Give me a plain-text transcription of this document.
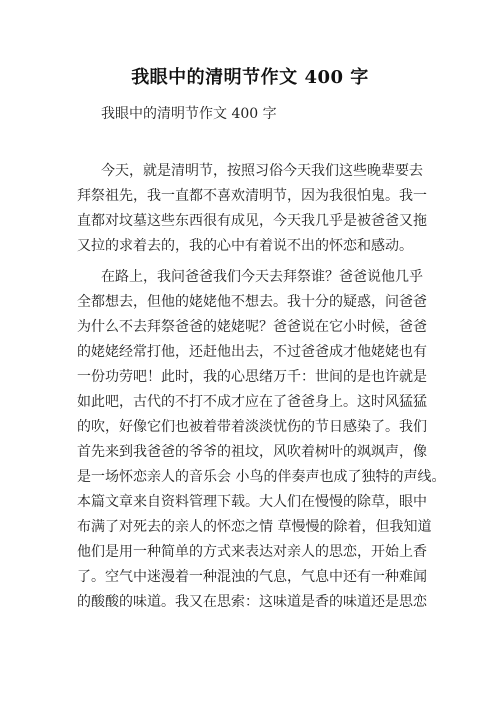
我眼中的清明节作文 400 字
我眼中的清明节作文 400 字
今天，就是清明节，按照习俗今天我们这些晚辈要去
拜祭祖先，我一直都不喜欢清明节，因为我很怕鬼。我一
直都对坟墓这些东西很有成见，今天我几乎是被爸爸又拖
又拉的求着去的，我的心中有着说不出的怀恋和感动。
在路上，我问爸爸我们今天去拜祭谁？爸爸说他几乎
全都想去，但他的姥姥他不想去。我十分的疑惑，问爸爸
为什么不去拜祭爸爸的姥姥呢？爸爸说在它小时候，爸爸
的姥姥经常打他，还赶他出去，不过爸爸成才他姥姥也有
一份功劳吧！此时，我的心思绪万千：世间的是也许就是
如此吧，古代的不打不成才应在了爸爸身上。这时风猛猛
的吹，好像它们也被着带着淡淡忧伤的节日感染了。我们
首先来到我爸爸的爷爷的祖坟，风吹着树叶的飒飒声，像
是一场怀恋亲人的音乐会 小鸟的伴奏声也成了独特的声线。
本篇文章来自资料管理下载。大人们在慢慢的除草，眼中
布满了对死去的亲人的怀恋之情 草慢慢的除着，但我知道
他们是用一种简单的方式来表达对亲人的思恋，开始上香
了。空气中迷漫着一种混浊的气息，气息中还有一种难闻
的酸酸的味道。我又在思索：这味道是香的味道还是思恋
